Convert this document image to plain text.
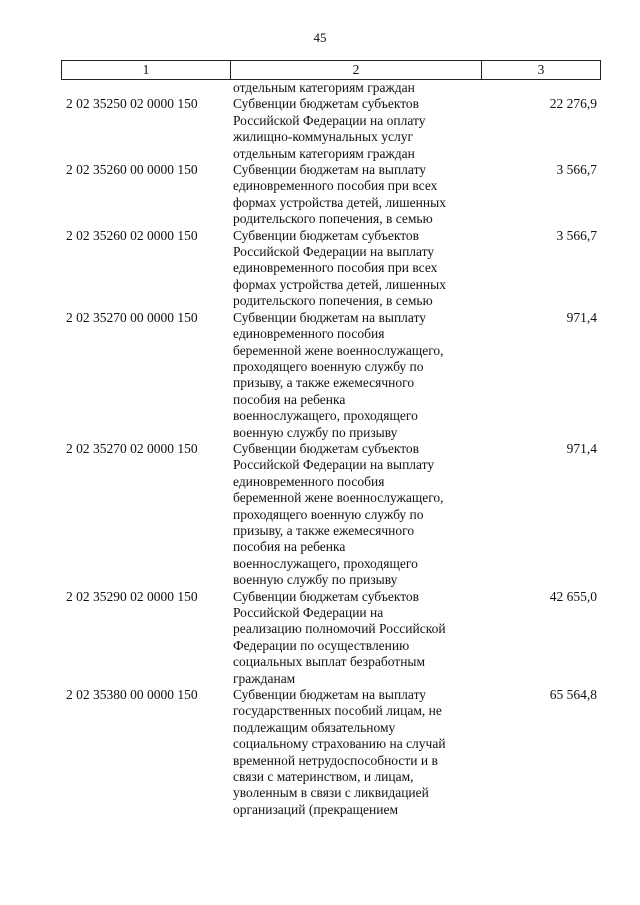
45
1	2	3
отдельным категориям граждан
2 02 35250 02 0000 150	Субвенции бюджетам субъектов
Российской Федерации на оплату
жилищно-коммунальных услуг
отдельным категориям граждан
22 276,9
2 02 35260 00 0000 150	Субвенции бюджетам на выплату
единовременного пособия при всех
формах устройства детей, лишенных
родительского попечения, в семью
3 566,7
2 02 35260 02 0000 150	Субвенции бюджетам субъектов
Российской Федерации на выплату
единовременного пособия при всех
формах устройства детей, лишенных
родительского попечения, в семью
3 566,7
2 02 35270 00 0000 150	Субвенции бюджетам на выплату
единовременного пособия
беременной жене военнослужащего,
проходящего военную службу по
призыву, а также ежемесячного
пособия на ребенка
военнослужащего, проходящего
военную службу по призыву
971,4
2 02 35270 02 0000 150	Субвенции бюджетам субъектов
Российской Федерации на выплату
единовременного пособия
беременной жене военнослужащего,
проходящего военную службу по
призыву, а также ежемесячного
пособия на ребенка
военнослужащего, проходящего
военную службу по призыву
971,4
2 02 35290 02 0000 150	Субвенции бюджетам субъектов
Российской Федерации на
реализацию полномочий Российской
Федерации по осуществлению
социальных выплат безработным
гражданам
42 655,0
2 02 35380 00 0000 150	Субвенции бюджетам на выплату
государственных пособий лицам, не
подлежащим обязательному
социальному страхованию на случай
временной нетрудоспособности и в
связи с материнством, и лицам,
уволенным в связи с ликвидацией
организаций (прекращением
65 564,8
